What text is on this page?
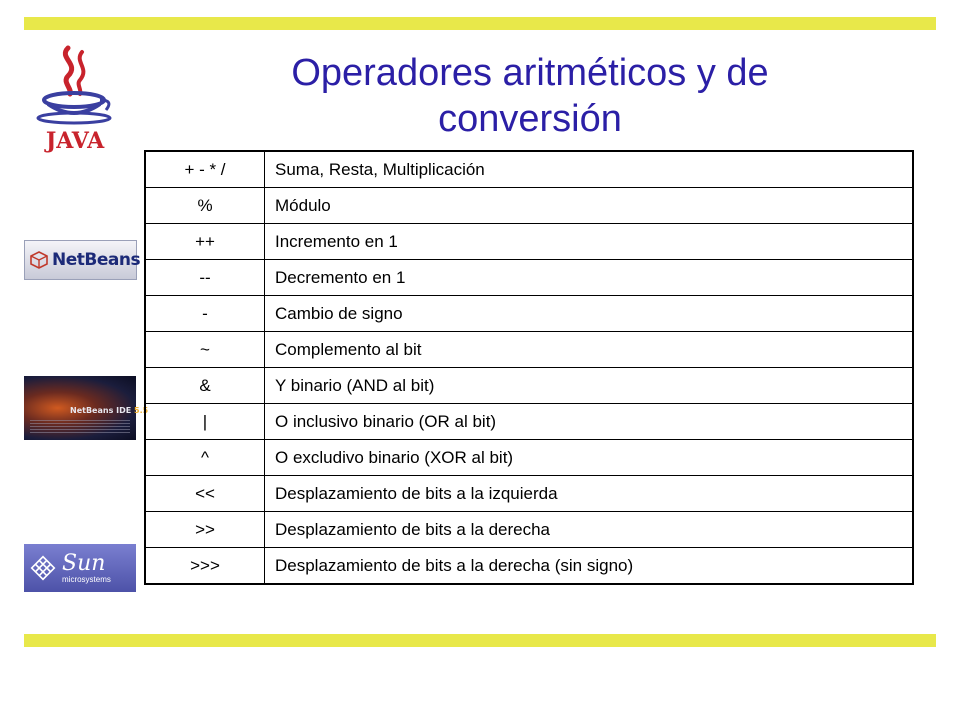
JAVA
NetBeans
NetBeans IDE 5.5
Sun
microsystems
Operadores aritméticos y de conversión
+ - * /	Suma, Resta, Multiplicación
%	Módulo
++	Incremento en 1
--	Decremento en 1
-	Cambio de signo
~	Complemento al bit
&	Y binario (AND al bit)
|	O inclusivo binario (OR al bit)
^	O excludivo binario (XOR al bit)
<<	Desplazamiento de bits a la izquierda
>>	Desplazamiento de bits a la derecha
>>>	Desplazamiento de bits a la derecha (sin signo)
